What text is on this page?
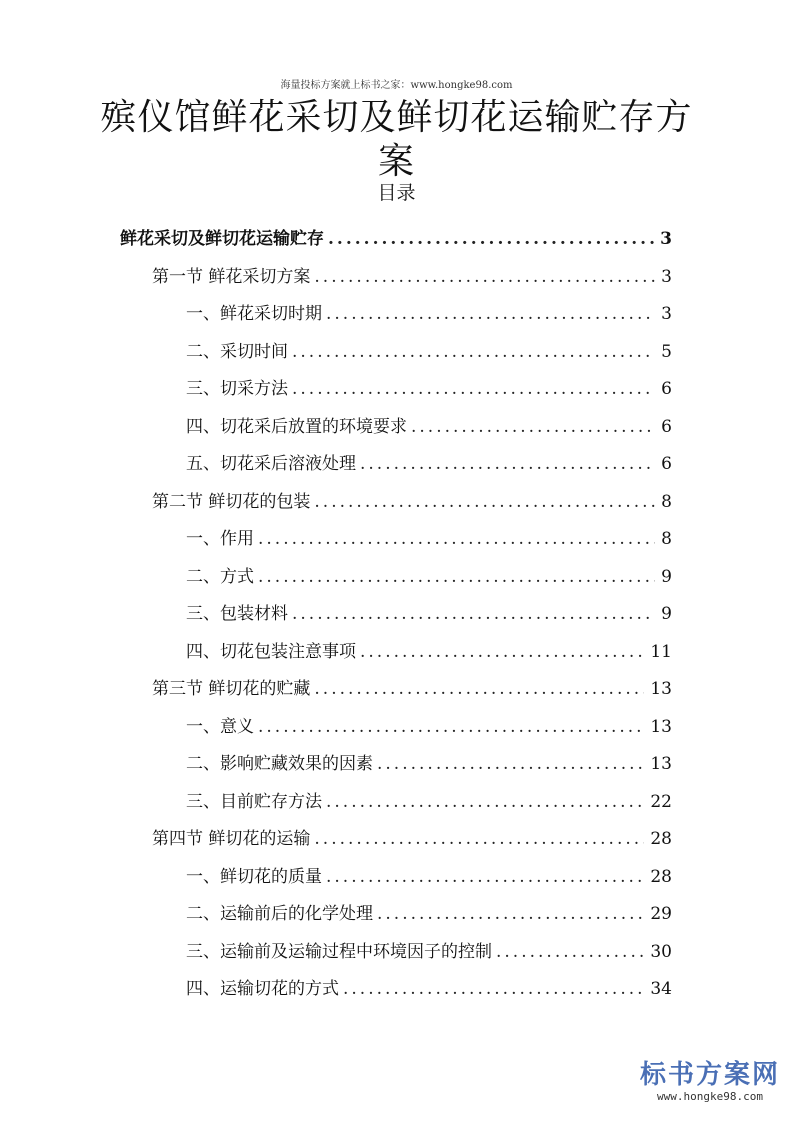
海量投标方案就上标书之家：www.hongke98.com
殡仪馆鲜花采切及鲜切花运输贮存方案
目录
鲜花采切及鲜切花运输贮存 .....	3
第一节 鲜花采切方案 .....	3
一、鲜花采切时期 .....	3
二、采切时间 .....	5
三、切采方法 .....	6
四、切花采后放置的环境要求 .....	6
五、切花采后溶液处理 .....	6
第二节 鲜切花的包装 .....	8
一、作用 .....	8
二、方式 .....	9
三、包装材料 .....	9
四、切花包装注意事项 .....	11
第三节 鲜切花的贮藏 .....	13
一、意义 .....	13
二、影响贮藏效果的因素 .....	13
三、目前贮存方法 .....	22
第四节 鲜切花的运输 .....	28
一、鲜切花的质量 .....	28
二、运输前后的化学处理 .....	29
三、运输前及运输过程中环境因子的控制 .....	30
四、运输切花的方式 .....	34
标书方案网
www.hongke98.com
